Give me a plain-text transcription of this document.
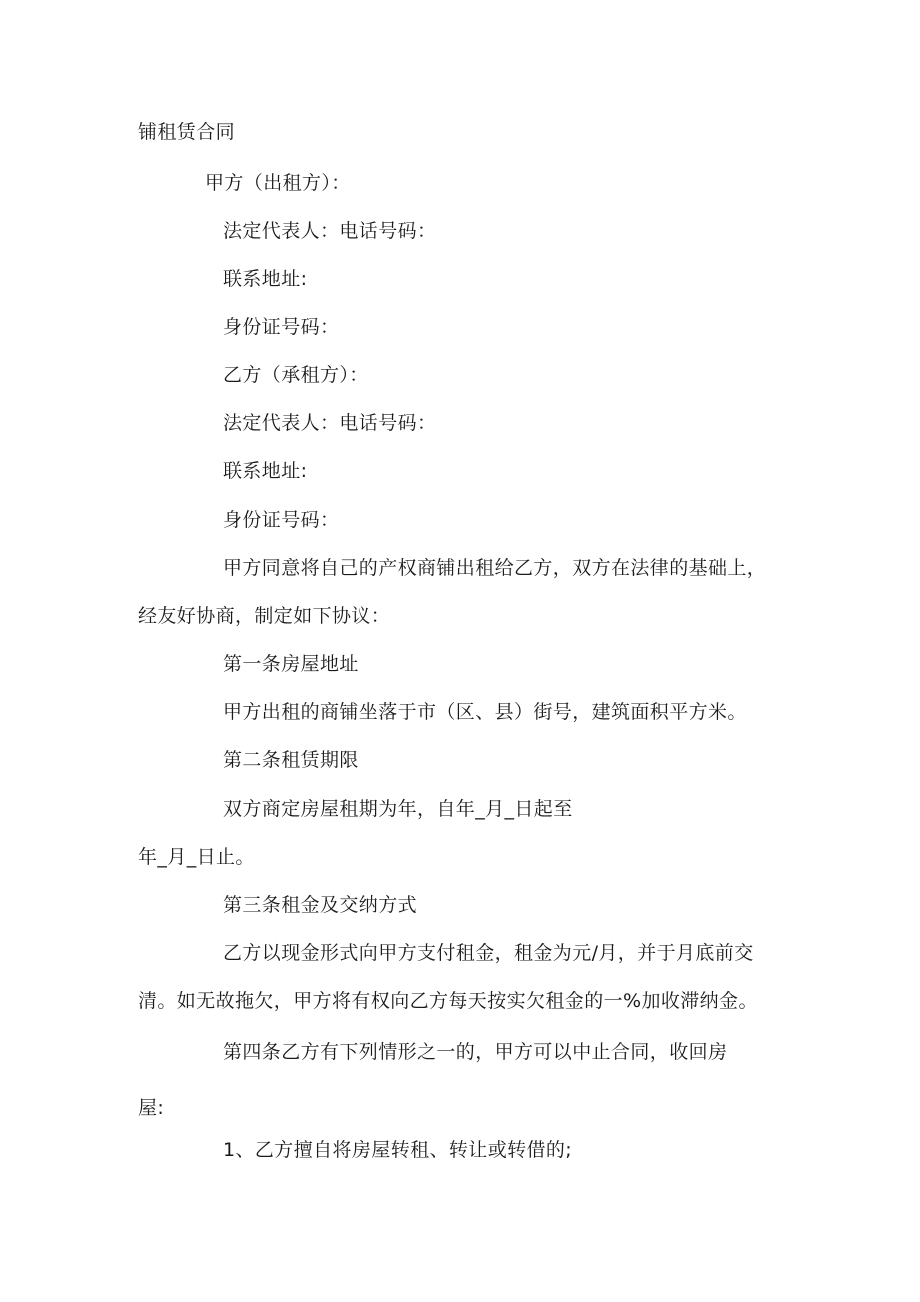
铺租赁合同
甲方（出租方）：
法定代表人：电话号码：
联系地址:
身份证号码：
乙方（承租方）：
法定代表人：电话号码：
联系地址:
身份证号码：
甲方同意将自己的产权商铺出租给乙方，双方在法律的基础上，
经友好协商，制定如下协议：
第一条房屋地址
甲方出租的商铺坐落于市（区、县）街号，建筑面积平方米。
第二条租赁期限
双方商定房屋租期为年，自年_月_日起至
年_月_日止。
第三条租金及交纳方式
乙方以现金形式向甲方支付租金，租金为元/月，并于月底前交
清。如无故拖欠，甲方将有权向乙方每天按实欠租金的一%加收滞纳金。
第四条乙方有下列情形之一的，甲方可以中止合同，收回房
屋:
1、乙方擅自将房屋转租、转让或转借的;
